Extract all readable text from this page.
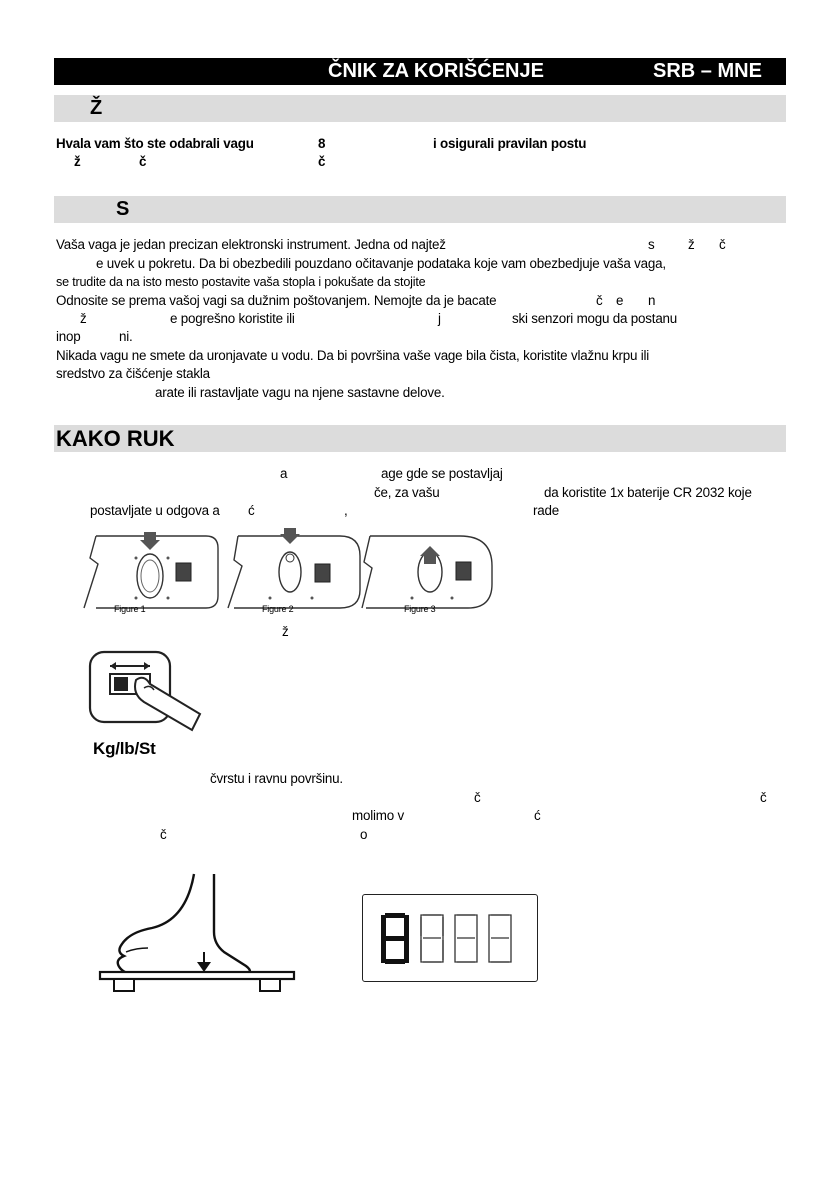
ČNIK ZA KORIŠĆENJE	SRB – MNE
Ž
Hvala vam što ste odabrali vagu	8	i osigurali pravilan postu
ž	č	č
S
Vaša vaga je jedan precizan elektronski instrument. Jedna od najtež	s	ž č
e uvek u pokretu. Da bi obezbedili pouzdano očitavanje podataka koje vam obezbedjuje vaša vaga,
se trudite da na isto mesto postavite vaša stopla i pokušate da stojite
Odnosite se prema vašoj vagi sa dužnim poštovanjem. Nemojte da je bacate	č e n
ž	e pogrešno koristite ili	j	ski senzori mogu da postanu
inop	ni.
Nikada vagu ne smete da uronjavate u vodu. Da bi površina vaše vage bila čista, koristite vlažnu krpu ili
sredstvo za čišćenje stakla
arate ili rastavljate vagu na njene sastavne delove.
KAKO RUK
a	age gde se postavljaj
če, za vašu	da koristite 1x baterije CR 2032 koje
postavljate u odgova a ć	,	rade
Figure 1	Figure 2	Figure 3
ž
Kg/lb/St
čvrstu i ravnu površinu.
č	č
molimo v	ć
č	o
